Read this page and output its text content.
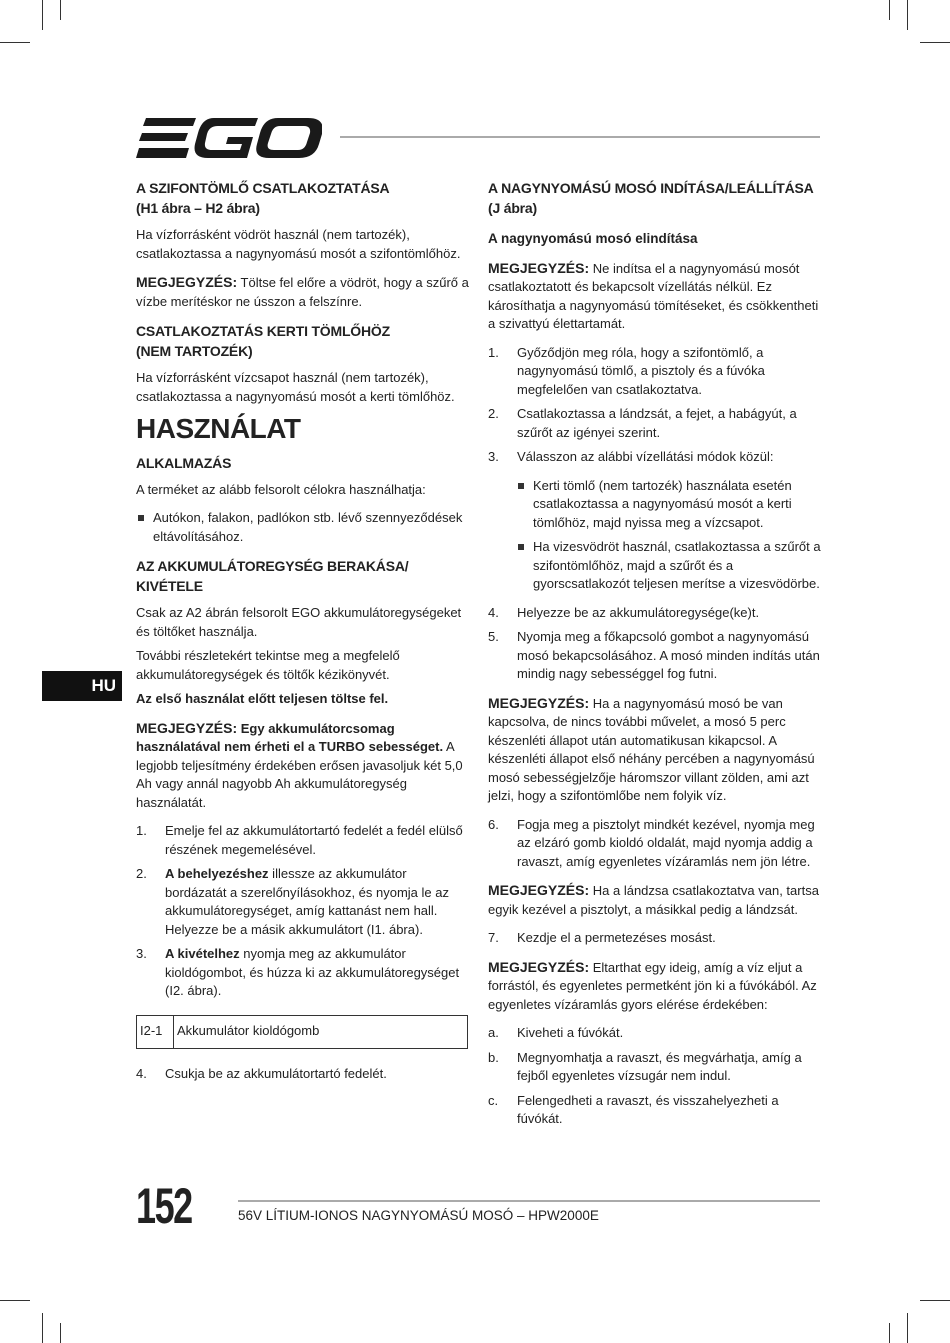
A SZIFONTÖMLŐ CSATLAKOZTATÁSA
(H1 ábra – H2 ábra)

Ha vízforrásként vödröt használ (nem tartozék), csatlakoztassa a nagynyomású mosót a szifontömlőhöz.

MEGJEGYZÉS: Töltse fel előre a vödröt, hogy a szűrő a vízbe merítéskor ne ússzon a felszínre.

CSATLAKOZTATÁS KERTI TÖMLŐHÖZ
(NEM TARTOZÉK)

Ha vízforrásként vízcsapot használ (nem tartozék), csatlakoztassa a nagynyomású mosót a kerti tömlőhöz.

HASZNÁLAT
ALKALMAZÁS

A terméket az alább felsorolt célokra használhatja:

Autókon, falakon, padlókon stb. lévő szennyeződések eltávolításához.
AZ AKKUMULÁTOREGYSÉG BERAKÁSA/
KIVÉTELE

Csak az A2 ábrán felsorolt EGO akkumulátoregységeket és töltőket használja.

További részletekért tekintse meg a megfelelő akkumulátoregységek és töltők kézikönyvét.

Az első használat előtt teljesen töltse fel.

MEGJEGYZÉS: Egy akkumulátorcsomag használatával nem érheti el a TURBO sebességet. A legjobb teljesítmény érdekében erősen javasoljuk két 5,0 Ah vagy annál nagyobb Ah akkumulátoregység használatát.

1. Emelje fel az akkumulátortartó fedelét a fedél elülső részének megemelésével.
2. A behelyezéshez illessze az akkumulátor bordázatát a szerelőnyílásokhoz, és nyomja le az akkumulátoregységet, amíg kattanást nem hall. Helyezze be a másik akkumulátort (I1. ábra).
3. A kivételhez nyomja meg az akkumulátor kioldógombot, és húzza ki az akkumulátoregységet (I2. ábra).
I2-1	Akkumulátor kioldógomb
4. Csukja be az akkumulátortartó fedelét.
HU
A NAGYNYOMÁSÚ MOSÓ INDÍTÁSA/LEÁLLÍTÁSA
(J ábra)
A nagynyomású mosó elindítása

MEGJEGYZÉS: Ne indítsa el a nagynyomású mosót csatlakoztatott és bekapcsolt vízellátás nélkül. Ez károsíthatja a nagynyomású tömítéseket, és csökkentheti a szivattyú élettartamát.

1. Győződjön meg róla, hogy a szifontömlő, a nagynyomású tömlő, a pisztoly és a fúvóka megfelelően van csatlakoztatva.
2. Csatlakoztassa a lándzsát, a fejet, a habágyút, a szűrőt az igényei szerint.
3. Válasszon az alábbi vízellátási módok közül:
Kerti tömlő (nem tartozék) használata esetén csatlakoztassa a nagynyomású mosót a kerti tömlőhöz, majd nyissa meg a vízcsapot.
Ha vizesvödröt használ, csatlakoztassa a szűrőt a szifontömlőhöz, majd a szűrőt és a gyorscsatlakozót teljesen merítse a vizesvödörbe.
4. Helyezze be az akkumulátoregysége(ke)t.
5. Nyomja meg a főkapcsoló gombot a nagynyomású mosó bekapcsolásához. A mosó minden indítás után mindig nagy sebességgel fog futni.

MEGJEGYZÉS: Ha a nagynyomású mosó be van kapcsolva, de nincs további művelet, a mosó 5 perc készenléti állapot után automatikusan kikapcsol. A készenléti állapot első néhány percében a nagynyomású mosó sebességjelzője háromszor villant zölden, ami azt jelzi, hogy a szifontömlőbe nem folyik víz.

6. Fogja meg a pisztolyt mindkét kezével, nyomja meg az elzáró gomb kioldó oldalát, majd nyomja addig a ravaszt, amíg egyenletes vízáramlás nem jön létre.

MEGJEGYZÉS: Ha a lándzsa csatlakoztatva van, tartsa egyik kezével a pisztolyt, a másikkal pedig a lándzsát.

7. Kezdje el a permetezéses mosást.

MEGJEGYZÉS: Eltarthat egy ideig, amíg a víz eljut a forrástól, és egyenletes permetként jön ki a fúvókából. Az egyenletes vízáramlás gyors elérése érdekében:

a. Kiveheti a fúvókát.
b. Megnyomhatja a ravaszt, és megvárhatja, amíg a fejből egyenletes vízsugár nem indul.
c. Felengedheti a ravaszt, és visszahelyezheti a fúvókát.
152	56V LÍTIUM-IONOS NAGYNYOMÁSÚ MOSÓ – HPW2000E
